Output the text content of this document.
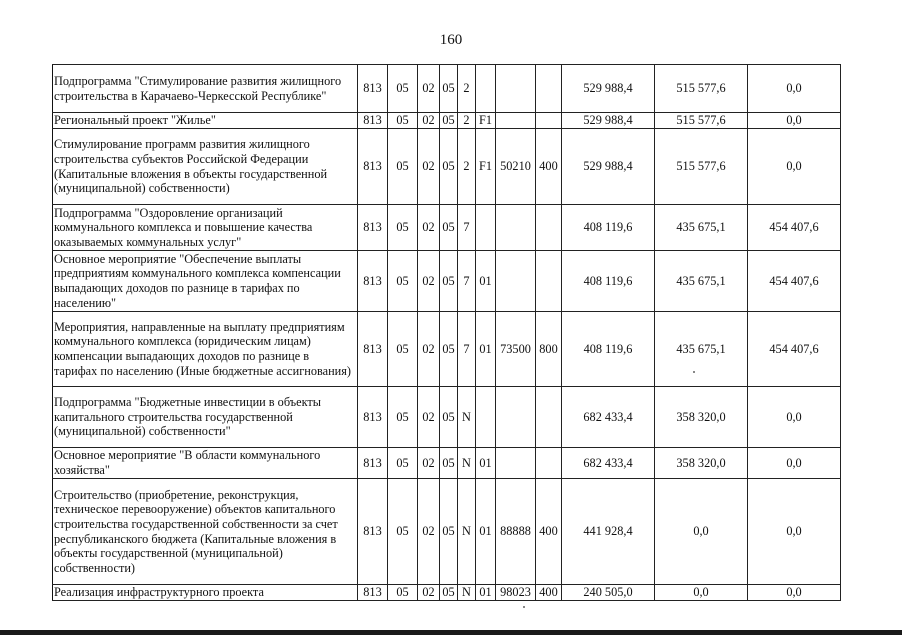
160
Подпрограмма "Стимулирование развития жилищного строительства в Карачаево-Черкесской Республике"	813	05	02	05	2				529 988,4	515 577,6	0,0
Региональный проект "Жилье"	813	05	02	05	2	F1			529 988,4	515 577,6	0,0
Стимулирование программ развития жилищного строительства субъектов Российской Федерации (Капитальные вложения в объекты государственной (муниципальной) собственности)	813	05	02	05	2	F1	50210	400	529 988,4	515 577,6	0,0
Подпрограмма "Оздоровление организаций коммунального комплекса и повышение качества оказываемых коммунальных услуг"	813	05	02	05	7				408 119,6	435 675,1	454 407,6
Основное мероприятие "Обеспечение выплаты предприятиям коммунального комплекса компенсации выпадающих доходов по разнице в тарифах по населению"	813	05	02	05	7	01			408 119,6	435 675,1	454 407,6
Мероприятия, направленные на выплату предприятиям коммунального комплекса (юридическим лицам) компенсации выпадающих доходов по разнице в тарифах по населению (Иные бюджетные ассигнования)	813	05	02	05	7	01	73500	800	408 119,6	435 675,1	454 407,6
Подпрограмма "Бюджетные инвестиции в объекты капитального строительства государственной (муниципальной) собственности"	813	05	02	05	N				682 433,4	358 320,0	0,0
Основное мероприятие "В области коммунального хозяйства"	813	05	02	05	N	01			682 433,4	358 320,0	0,0
Строительство (приобретение, реконструкция, техническое перевооружение) объектов капитального строительства государственной собственности за счет республиканского бюджета (Капитальные вложения в объекты государственной (муниципальной) собственности)	813	05	02	05	N	01	88888	400	441 928,4	0,0	0,0
Реализация инфраструктурного проекта	813	05	02	05	N	01	98023	400	240 505,0	0,0	0,0
